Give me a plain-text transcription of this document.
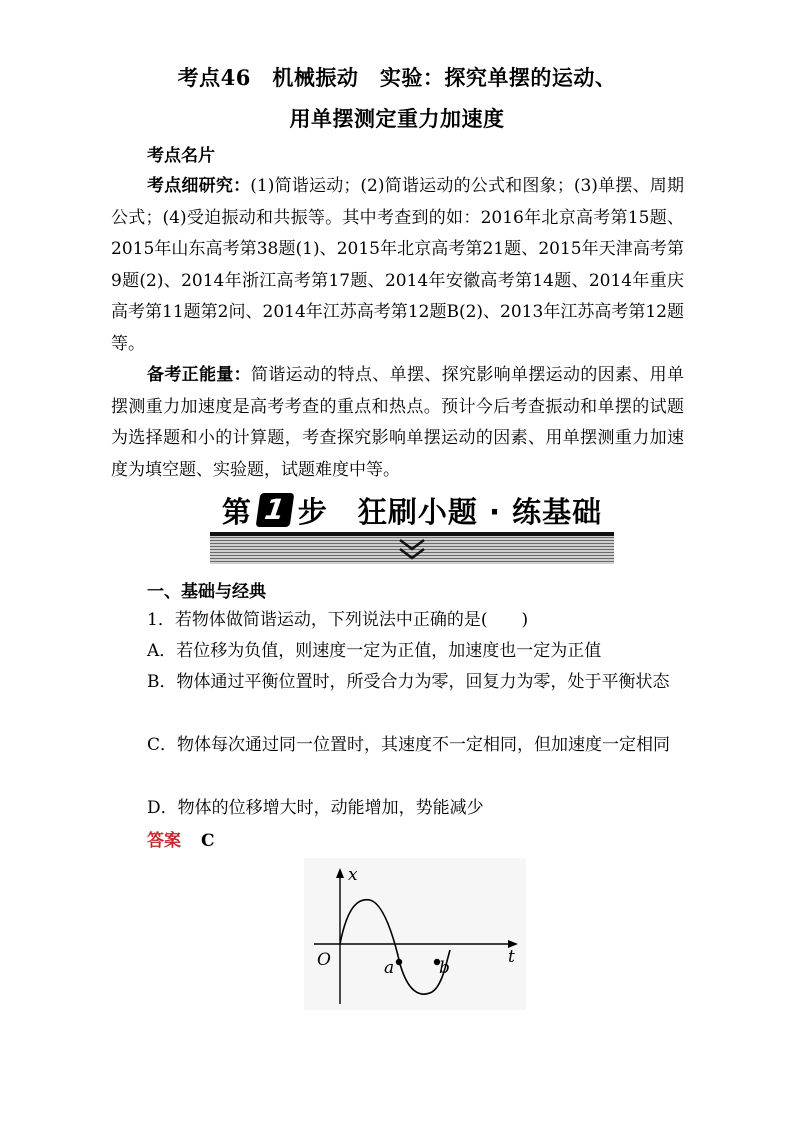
考点46　机械振动　实验：探究单摆的运动、
用单摆测定重力加速度
考点名片
考点细研究：(1)简谐运动；(2)简谐运动的公式和图象；(3)单摆、周期公式；(4)受迫振动和共振等。其中考查到的如：2016年北京高考第15题、2015年山东高考第38题(1)、2015年北京高考第21题、2015年天津高考第9题(2)、2014年浙江高考第17题、2014年安徽高考第14题、2014年重庆高考第11题第2问、2014年江苏高考第12题B(2)、2013年江苏高考第12题等。
备考正能量：简谐运动的特点、单摆、探究影响单摆运动的因素、用单摆测重力加速度是高考考查的重点和热点。预计今后考查振动和单摆的试题为选择题和小的计算题，考查探究影响单摆运动的因素、用单摆测重力加速度为填空题、实验题，试题难度中等。
第 1 步　狂刷小题 · 练基础
一、基础与经典
1．若物体做简谐运动，下列说法中正确的是(　　)
A．若位移为负值，则速度一定为正值，加速度也一定为正值
B．物体通过平衡位置时，所受合力为零，回复力为零，处于平衡状态
C．物体每次通过同一位置时，其速度不一定相同，但加速度一定相同
D．物体的位移增大时，动能增加，势能减少
答案 C
x
t
O	a	b
